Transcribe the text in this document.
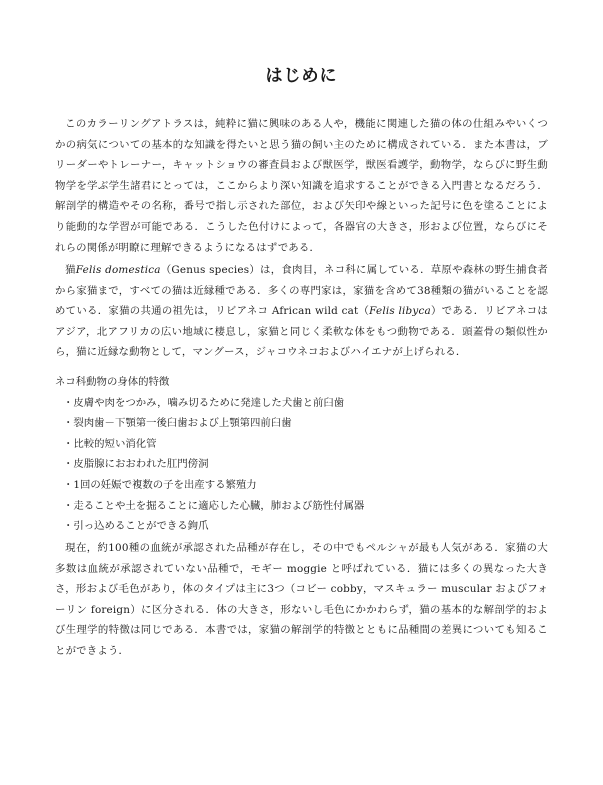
はじめに

このカラーリングアトラスは，純粋に猫に興味のある人や，機能に関連した猫の体の仕組みやいくつかの病気についての基本的な知識を得たいと思う猫の飼い主のために構成されている．また本書は，ブリーダーやトレーナー，キャットショウの審査員および獣医学，獣医看護学，動物学，ならびに野生動物学を学ぶ学生諸君にとっては，ここからより深い知識を追求することができる入門書となるだろう．解剖学的構造やその名称，番号で指し示された部位，および矢印や線といった記号に色を塗ることにより能動的な学習が可能である．こうした色付けによって，各器官の大きさ，形および位置，ならびにそれらの関係が明瞭に理解できるようになるはずである．

猫Felis domestica（Genus species）は，食肉目，ネコ科に属している．草原や森林の野生捕食者から家猫まで，すべての猫は近縁種である．多くの専門家は，家猫を含めて38種類の猫がいることを認めている．家猫の共通の祖先は，リビアネコ African wild cat（Felis libyca）である．リビアネコはアジア，北アフリカの広い地域に棲息し，家猫と同じく柔軟な体をもつ動物である．頭蓋骨の類似性から，猫に近縁な動物として，マングース，ジャコウネコおよびハイエナが上げられる．

ネコ科動物の身体的特徴

・皮膚や肉をつかみ，噛み切るために発達した犬歯と前臼歯
・裂肉歯－下顎第一後臼歯および上顎第四前臼歯
・比較的短い消化管
・皮脂腺におおわれた肛門傍洞
・1回の妊娠で複数の子を出産する繁殖力
・走ることや土を掘ることに適応した心臓，肺および筋性付属器
・引っ込めることができる鉤爪

現在，約100種の血統が承認された品種が存在し，その中でもペルシャが最も人気がある．家猫の大多数は血統が承認されていない品種で，モギー moggie と呼ばれている．猫には多くの異なった大きさ，形および毛色があり，体のタイプは主に3つ（コビー cobby，マスキュラー muscular およびフォーリン foreign）に区分される．体の大きさ，形ないし毛色にかかわらず，猫の基本的な解剖学的および生理学的特徴は同じである．本書では，家猫の解剖学的特徴とともに品種間の差異についても知ることができよう．
